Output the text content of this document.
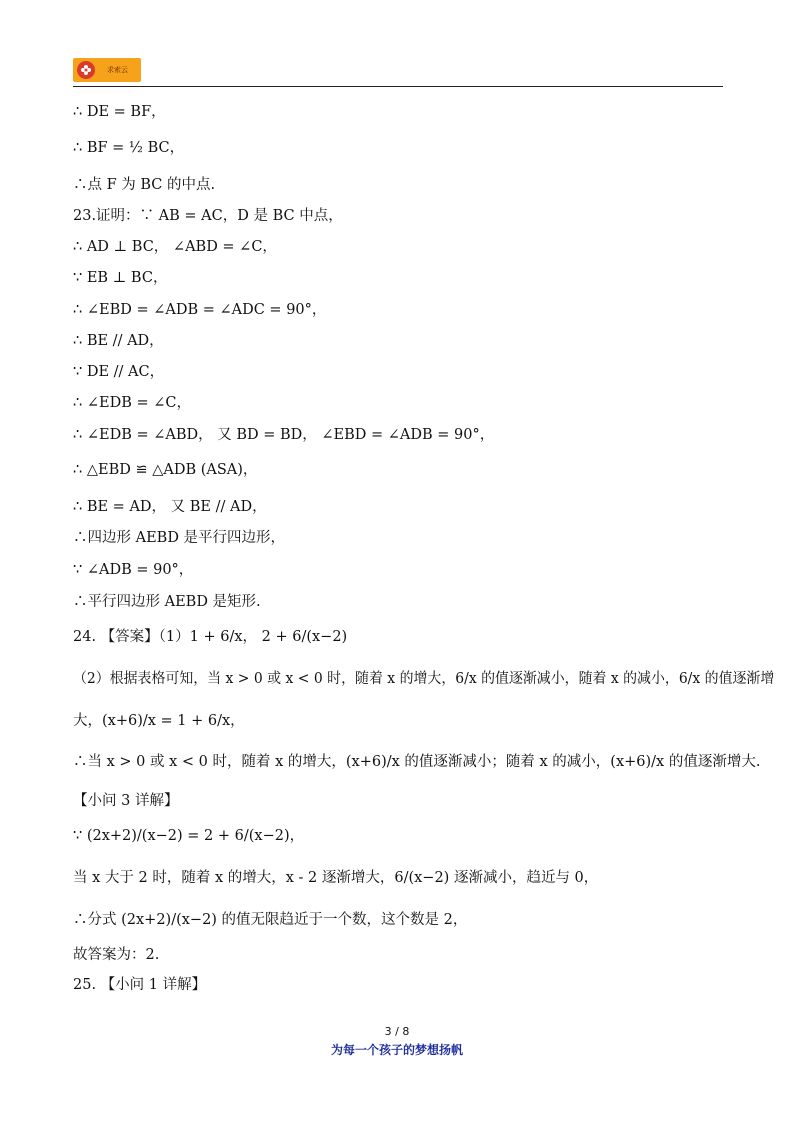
求索云
∴ DE = BF，
∴ BF = ½ BC，
∴点 F 为 BC 的中点.
23.证明：∵ AB = AC，D 是 BC 中点，
∴ AD ⊥ BC， ∠ABD = ∠C，
∵ EB ⊥ BC，
∴ ∠EBD = ∠ADB = ∠ADC = 90°，
∴ BE // AD，
∵ DE // AC，
∴ ∠EDB = ∠C，
∴ ∠EDB = ∠ABD， 又 BD = BD， ∠EBD = ∠ADB = 90°，
∴ △EBD ≌ △ADB (ASA)，
∴ BE = AD， 又 BE // AD，
∴四边形 AEBD 是平行四边形，
∵ ∠ADB = 90°，
∴平行四边形 AEBD 是矩形.
24. 【答案】（1）1 + 6/x， 2 + 6/(x−2)
（2）根据表格可知，当 x > 0 或 x < 0 时，随着 x 的增大，6/x 的值逐渐减小，随着 x 的减小，6/x 的值逐渐增
大，(x+6)/x = 1 + 6/x，
∴当 x > 0 或 x < 0 时，随着 x 的增大，(x+6)/x 的值逐渐减小；随着 x 的减小，(x+6)/x 的值逐渐增大.
【小问 3 详解】
∵ (2x+2)/(x−2) = 2 + 6/(x−2)，
当 x 大于 2 时，随着 x 的增大，x - 2 逐渐增大，6/(x−2) 逐渐减小，趋近与 0，
∴分式 (2x+2)/(x−2) 的值无限趋近于一个数，这个数是 2，
故答案为：2.
25. 【小问 1 详解】
3 / 8
为每一个孩子的梦想扬帆
